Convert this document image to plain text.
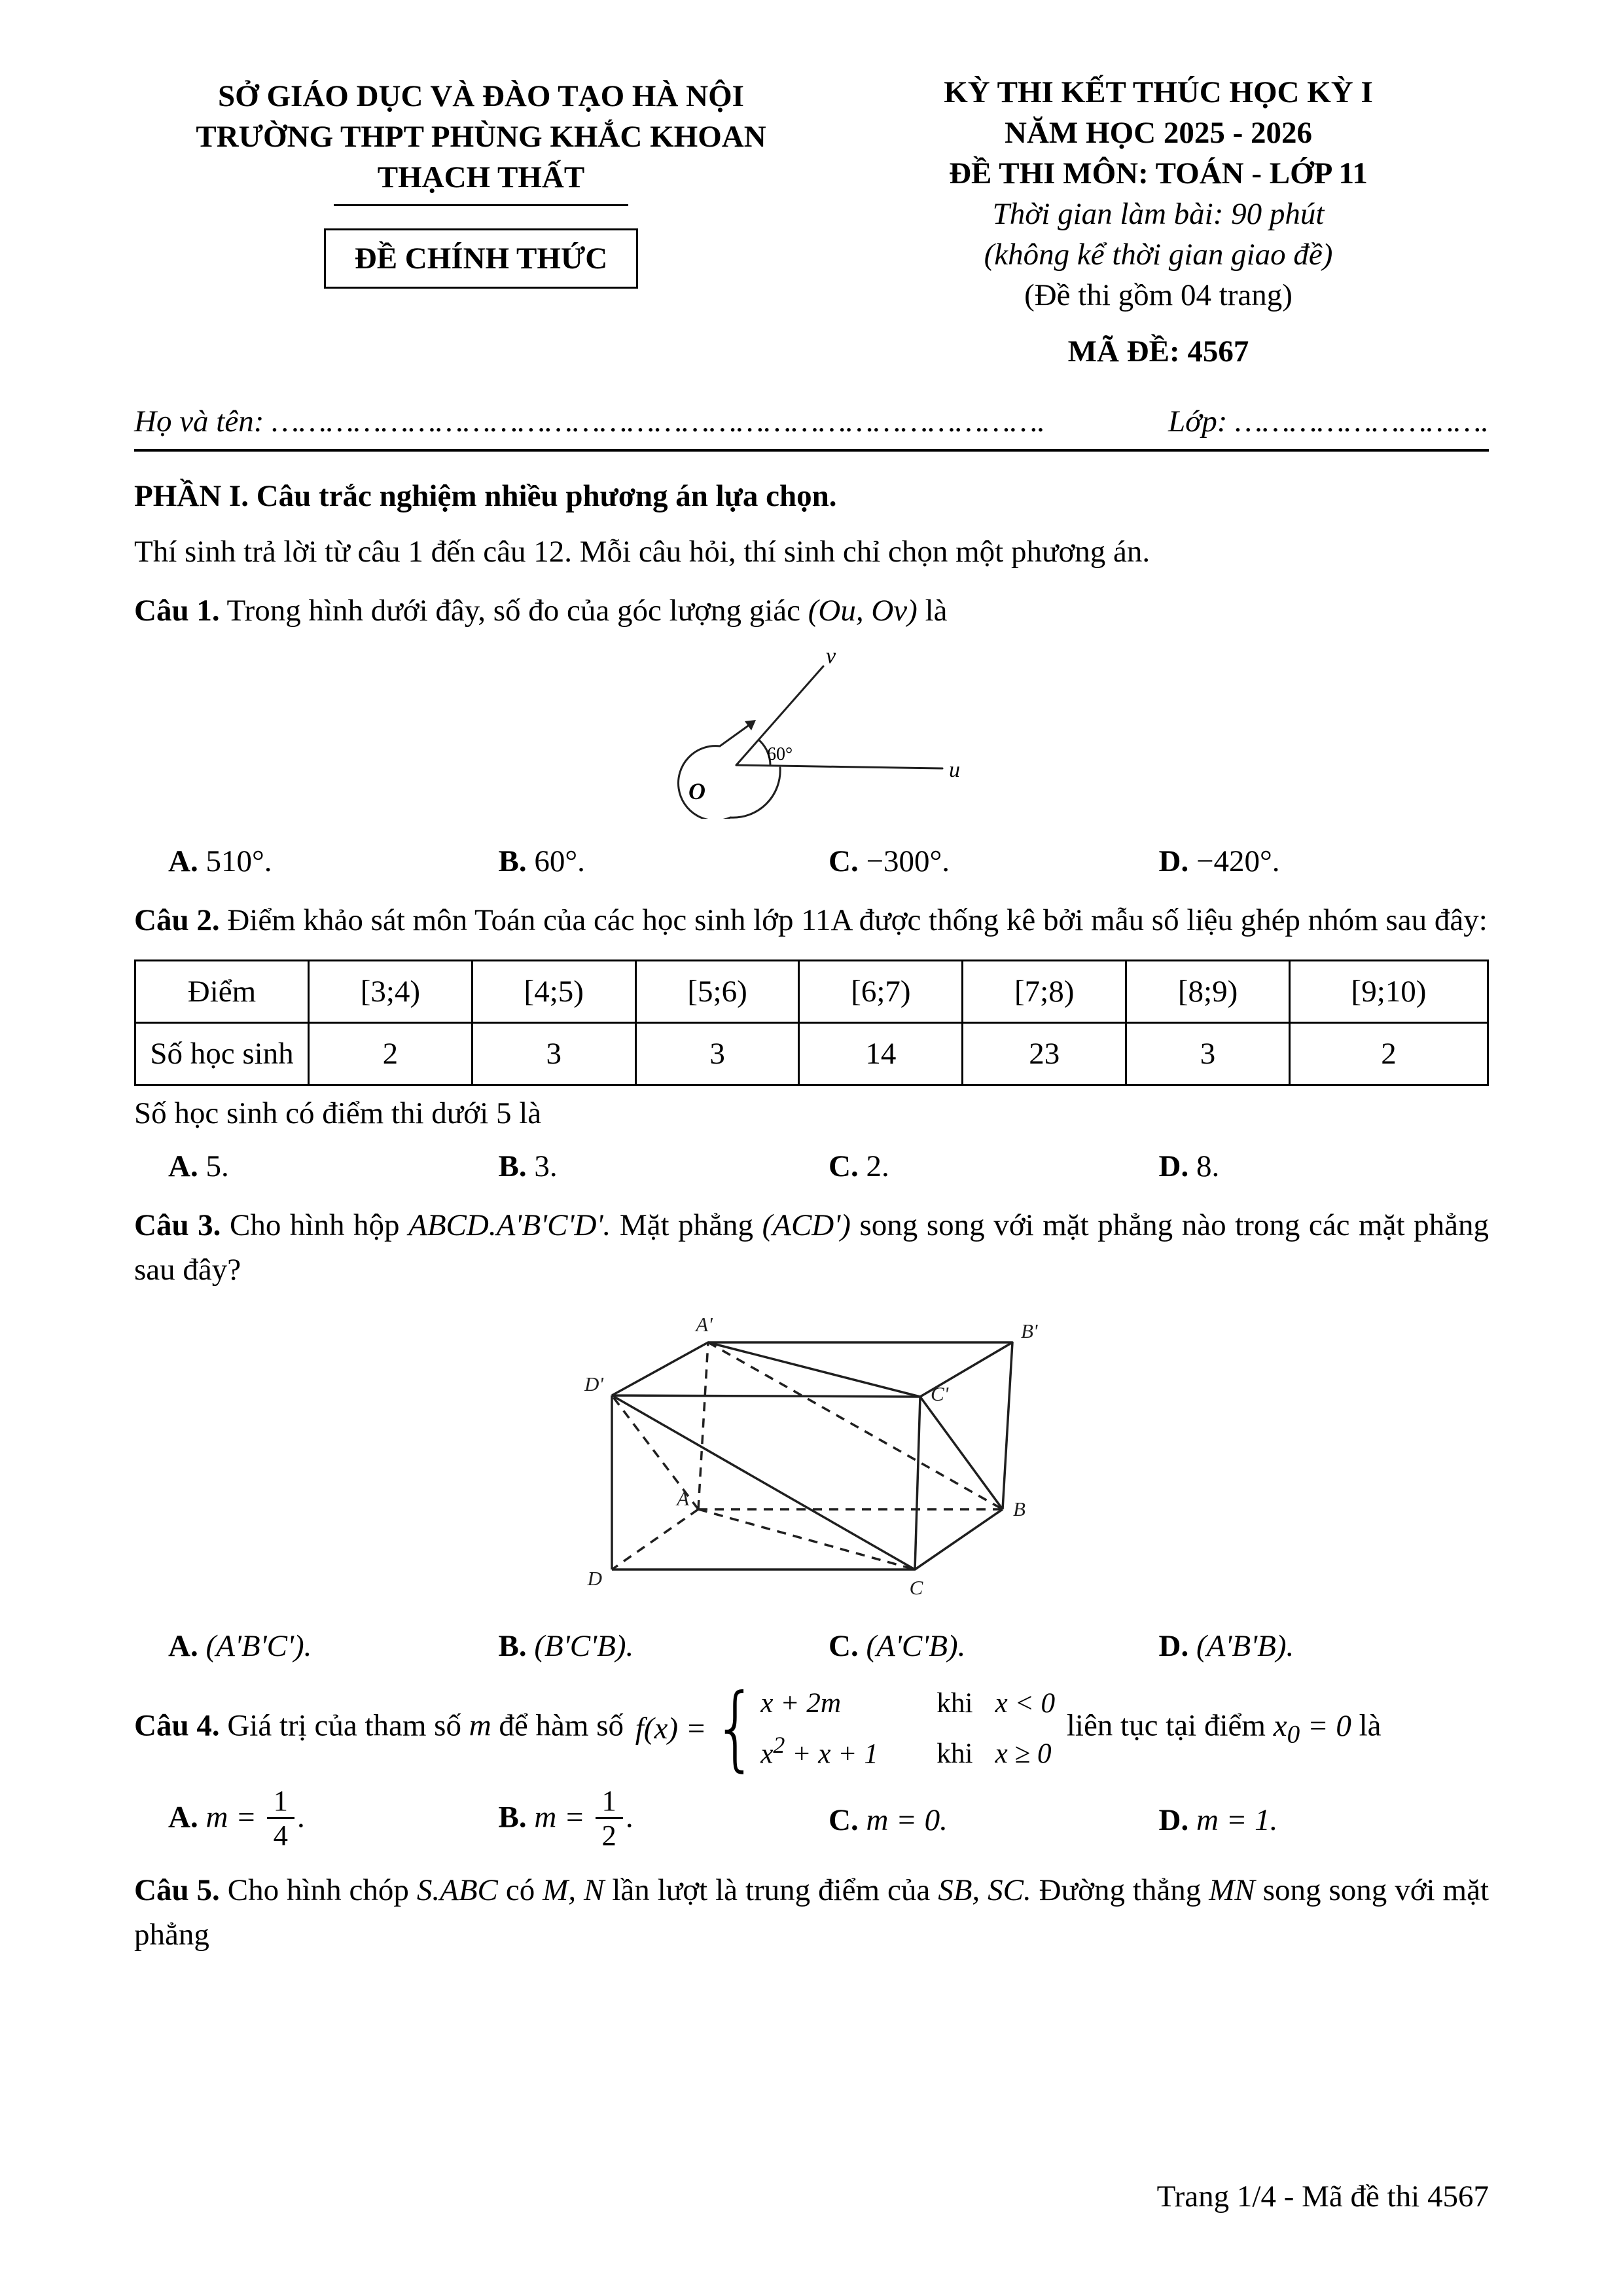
SỞ GIÁO DỤC VÀ ĐÀO TẠO HÀ NỘI
TRƯỜNG THPT PHÙNG KHẮC KHOAN
THẠCH THẤT
ĐỀ CHÍNH THỨC
KỲ THI KẾT THÚC HỌC KỲ I
NĂM HỌC 2025 - 2026
ĐỀ THI MÔN: TOÁN - LỚP 11
Thời gian làm bài: 90 phút
(không kể thời gian giao đề)
(Đề thi gồm 04 trang)
MÃ ĐỀ: 4567
Họ và tên: ………………………………………………………………………….	Lớp: ……………………….

PHẦN I. Câu trắc nghiệm nhiều phương án lựa chọn.

Thí sinh trả lời từ câu 1 đến câu 12. Mỗi câu hỏi, thí sinh chỉ chọn một phương án.

Câu 1. Trong hình dưới đây, số đo của góc lượng giác (Ou, Ov) là

60°
O
u
v
A. 510°.	B. 60°.	C. −300°.	D. −420°.

Câu 2. Điểm khảo sát môn Toán của các học sinh lớp 11A được thống kê bởi mẫu số liệu ghép nhóm sau đây:

Điểm	[3;4)	[4;5)	[5;6)	[6;7)	[7;8)	[8;9)	[9;10)
Số học sinh	2	3	3	14	23	3	2

Số học sinh có điểm thi dưới 5 là

A. 5.	B. 3.	C. 2.	D. 8.

Câu 3. Cho hình hộp ABCD.A'B'C'D'. Mặt phẳng (ACD') song song với mặt phẳng nào trong các mặt phẳng sau đây?

A'	B'
D'	C'
A	B
D	C
A. (A'B'C').	B. (B'C'B).	C. (A'C'B).	D. (A'B'B).

Câu 4. Giá trị của tham số m để hàm số f(x) = { x + 2m	khi x < 0
$x^2 + x + 1$	khi x ≥ 0
liên tục tại điểm $x_0 = 0$ là

A. $m = \frac{1}{4}$ .	B. $m = \frac{1}{2}$ .	C. m = 0.	D. m = 1.

Câu 5. Cho hình chóp S.ABC có M, N lần lượt là trung điểm của SB, SC. Đường thẳng MN song song với mặt phẳng

Trang 1/4 - Mã đề thi 4567
